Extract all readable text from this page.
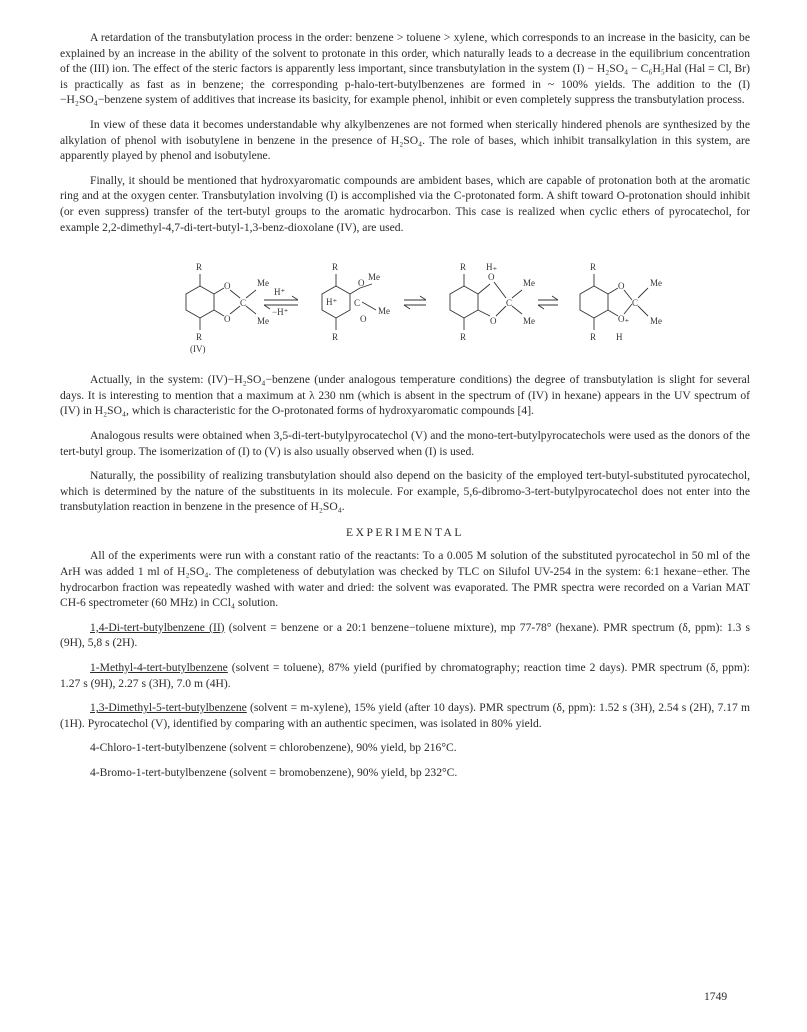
A retardation of the transbutylation process in the order: benzene > toluene > xylene, which corresponds to an increase in the basicity, can be explained by an increase in the ability of the solvent to protonate in this order, which naturally leads to a decrease in the equilibrium concentration of the (III) ion. The effect of the steric factors is apparently less important, since transbutylation in the system (I) − H₂SO₄ − C₆H₅Hal (Hal = Cl, Br) is practically as fast as in benzene; the corresponding p-halo-tert-butylbenzenes are formed in ~ 100% yields. The addition to the (I)−H₂SO₄−benzene system of additives that increase its basicity, for example phenol, inhibit or even completely suppress the transbutylation process.

In view of these data it becomes understandable why alkylbenzenes are not formed when sterically hindered phenols are synthesized by the alkylation of phenol with isobutylene in benzene in the presence of H₂SO₄. The role of bases, which inhibit transalkylation in this system, are apparently played by phenol and isobutylene.

Finally, it should be mentioned that hydroxyaromatic compounds are ambident bases, which are capable of protonation both at the aromatic ring and at the oxygen center. Transbutylation involving (I) is accomplished via the C-protonated form. A shift toward O-protonation should inhibit (or even suppress) transfer of the tert-butyl groups to the aromatic hydrocarbon. This case is realized when cyclic ethers of pyrocatechol, for example 2,2-dimethyl-4,7-di-tert-butyl-1,3-benz-dioxolane (IV), are used.

R
O
O
C
Me
Me
R
(IV)
H⁺
−H⁺
R
O
Me
H⁺ C
O
Me
R
R H₊
O
C
O
Me
Me
R
R
O
O₊
C
Me
Me
R H

Actually, in the system: (IV)−H₂SO₄−benzene (under analogous temperature conditions) the degree of transbutylation is slight for several days. It is interesting to mention that a maximum at λ 230 nm (which is absent in the spectrum of (IV) in hexane) appears in the UV spectrum of (IV) in H₂SO₄, which is characteristic for the O-protonated forms of hydroxyaromatic compounds [4].

Analogous results were obtained when 3,5-di-tert-butylpyrocatechol (V) and the mono-tert-butylpyrocatechols were used as the donors of the tert-butyl group. The isomerization of (I) to (V) is also usually observed when (I) is used.

Naturally, the possibility of realizing transbutylation should also depend on the basicity of the employed tert-butyl-substituted pyrocatechol, which is determined by the nature of the substituents in its molecule. For example, 5,6-dibromo-3-tert-butylpyrocatechol does not enter into the transbutylation reaction in benzene in the presence of H₂SO₄.

EXPERIMENTAL

All of the experiments were run with a constant ratio of the reactants: To a 0.005 M solution of the substituted pyrocatechol in 50 ml of the ArH was added 1 ml of H₂SO₄. The completeness of debutylation was checked by TLC on Silufol UV-254 in the system: 6:1 hexane−ether. The hydrocarbon fraction was repeatedly washed with water and dried: the solvent was evaporated. The PMR spectra were recorded on a Varian MAT CH-6 spectrometer (60 MHz) in CCl₄ solution.

1,4-Di-tert-butylbenzene (II) (solvent = benzene or a 20:1 benzene−toluene mixture), mp 77-78° (hexane). PMR spectrum (δ, ppm): 1.3 s (9H), 5,8 s (2H).

1-Methyl-4-tert-butylbenzene (solvent = toluene), 87% yield (purified by chromatography; reaction time 2 days). PMR spectrum (δ, ppm): 1.27 s (9H), 2.27 s (3H), 7.0 m (4H).

1,3-Dimethyl-5-tert-butylbenzene (solvent = m-xylene), 15% yield (after 10 days). PMR spectrum (δ, ppm): 1.52 s (3H), 2.54 s (2H), 7.17 m (1H). Pyrocatechol (V), identified by comparing with an authentic specimen, was isolated in 80% yield.

4-Chloro-1-tert-butylbenzene (solvent = chlorobenzene), 90% yield, bp 216°C.

4-Bromo-1-tert-butylbenzene (solvent = bromobenzene), 90% yield, bp 232°C.

1749
